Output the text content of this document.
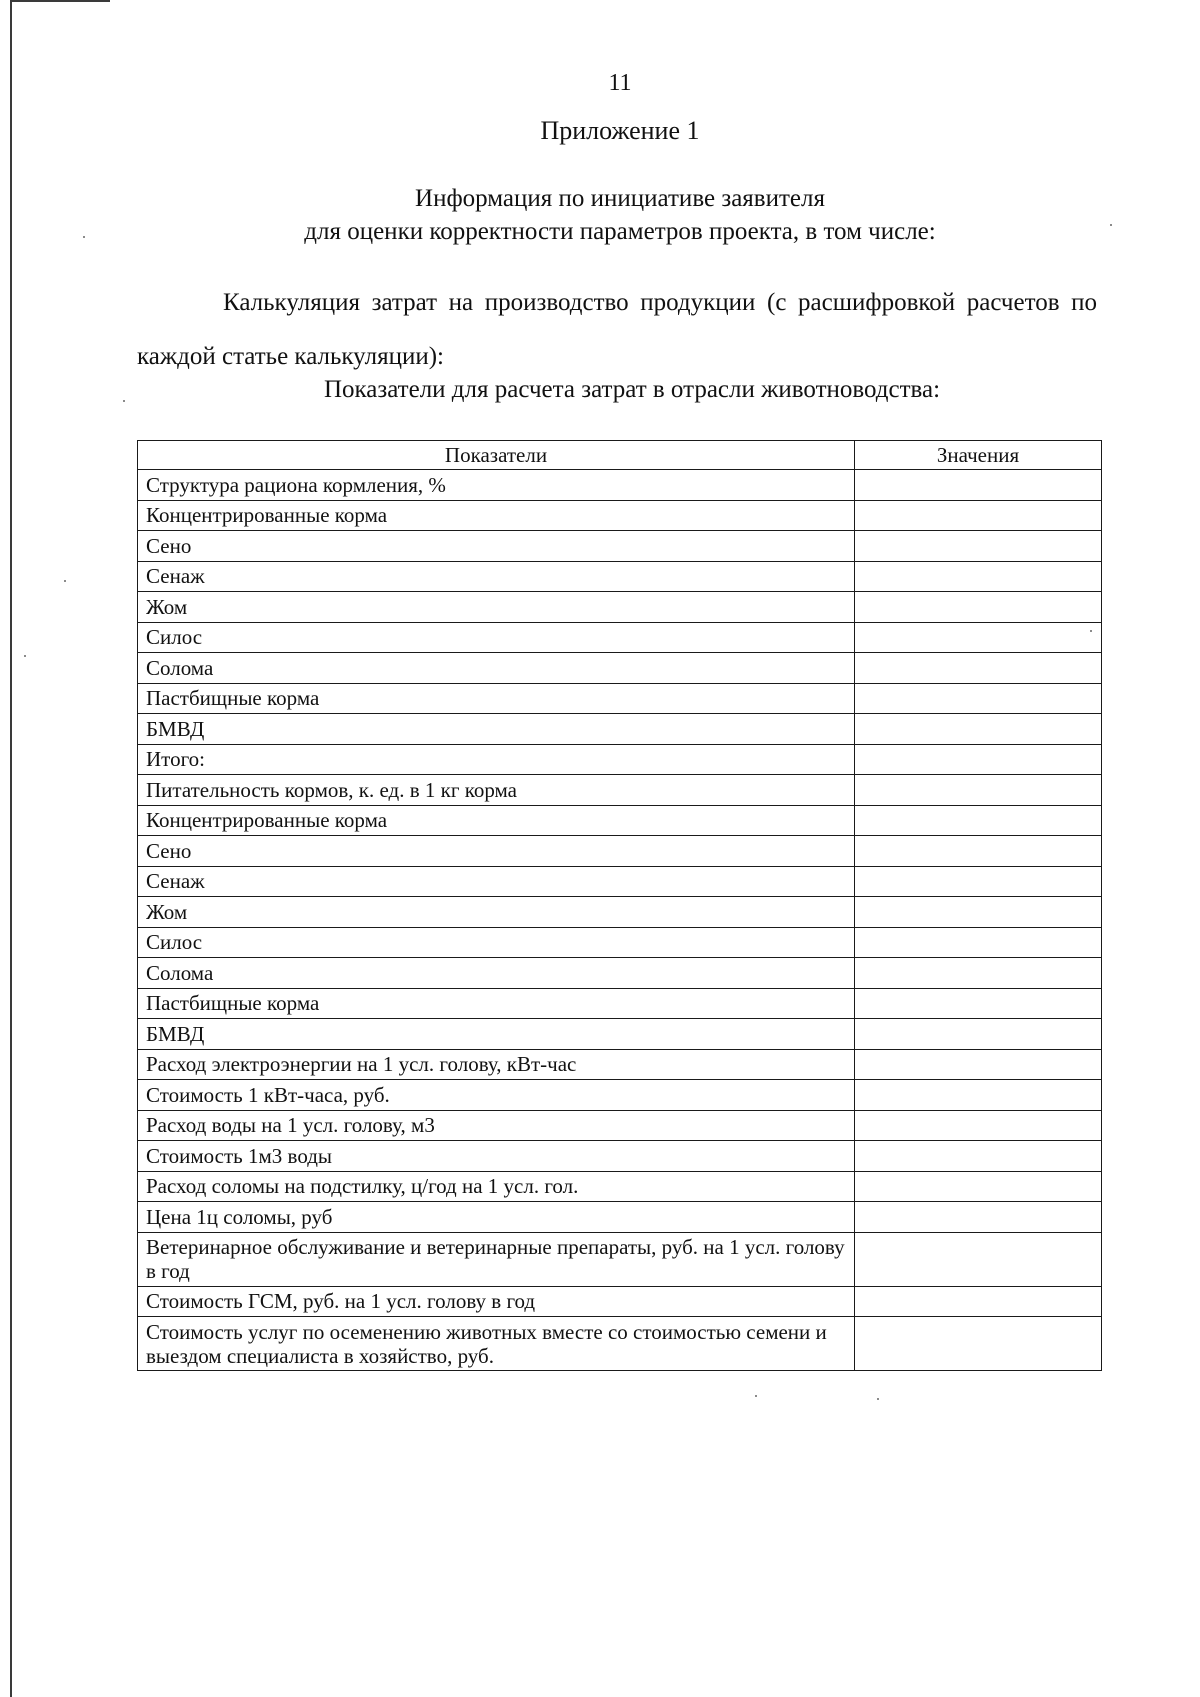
11
Приложение 1
Информация по инициативе заявителя
для оценки корректности параметров проекта, в том числе:
Калькуляция затрат на производство продукции (с расшифровкой расчетов по каждой статье калькуляции):
Показатели для расчета затрат в отрасли животноводства:
Показатели	Значения
Структура рациона кормления, %	
Концентрированные корма	
Сено	
Сенаж	
Жом	
Силос	
Солома	
Пастбищные корма	
БМВД	
Итого:	
Питательность кормов, к. ед. в 1 кг корма	
Концентрированные корма	
Сено	
Сенаж	
Жом	
Силос	
Солома	
Пастбищные корма	
БМВД	
Расход электроэнергии на 1 усл. голову, кВт-час	
Стоимость 1 кВт-часа, руб.	
Расход воды на 1 усл. голову, м3	
Стоимость 1м3 воды	
Расход соломы на подстилку, ц/год на 1 усл. гол.	
Цена 1ц соломы, руб	
Ветеринарное обслуживание и ветеринарные препараты, руб. на 1 усл. голову в год	
Стоимость ГСМ, руб. на 1 усл. голову в год	
Стоимость услуг по осеменению животных вместе со стоимостью семени и выездом специалиста в хозяйство, руб.	
